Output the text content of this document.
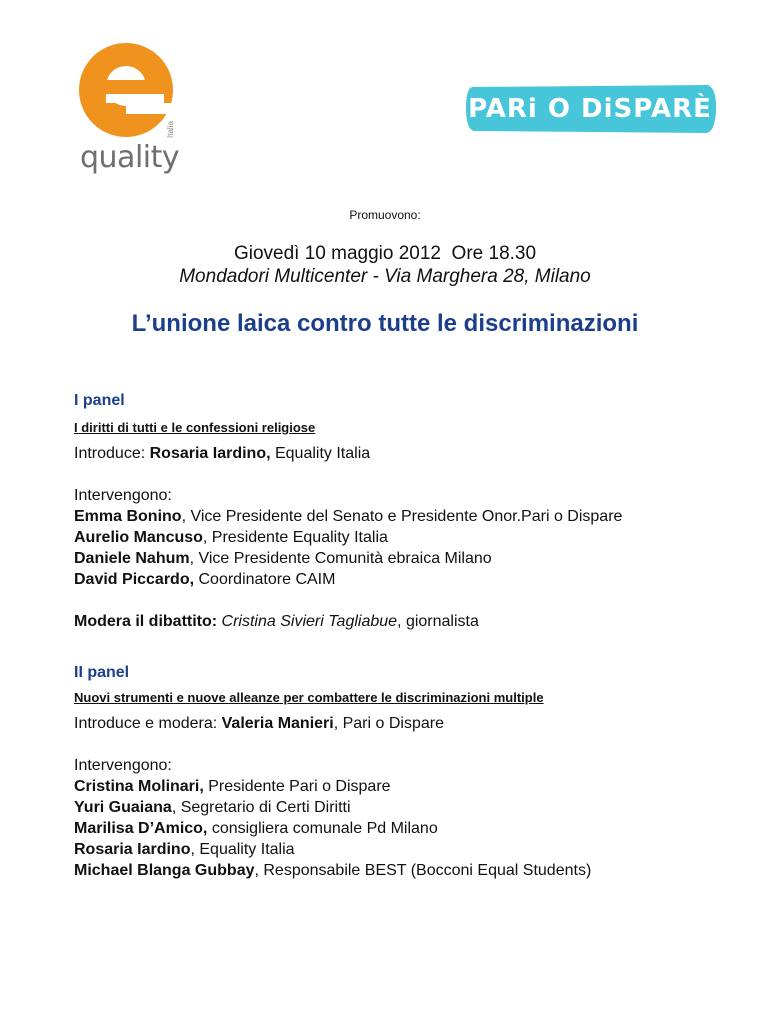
quality
Italia
PARi O DiSPARÈ
Promuovono:
Giovedì 10 maggio 2012  Ore 18.30
Mondadori Multicenter - Via Marghera 28, Milano
L’unione laica contro tutte le discriminazioni
I panel
I diritti di tutti e le confessioni religiose
Introduce: Rosaria Iardino, Equality Italia
Intervengono:
Emma Bonino, Vice Presidente del Senato e Presidente Onor.Pari o Dispare
Aurelio Mancuso, Presidente Equality Italia
Daniele Nahum, Vice Presidente Comunità ebraica Milano
David Piccardo, Coordinatore CAIM
Modera il dibattito: Cristina Sivieri Tagliabue, giornalista
II panel
Nuovi strumenti e nuove alleanze per combattere le discriminazioni multiple
Introduce e modera: Valeria Manieri, Pari o Dispare
Intervengono:
Cristina Molinari, Presidente Pari o Dispare
Yuri Guaiana, Segretario di Certi Diritti
Marilisa D’Amico, consigliera comunale Pd Milano
Rosaria Iardino, Equality Italia
Michael Blanga Gubbay, Responsabile BEST (Bocconi Equal Students)
